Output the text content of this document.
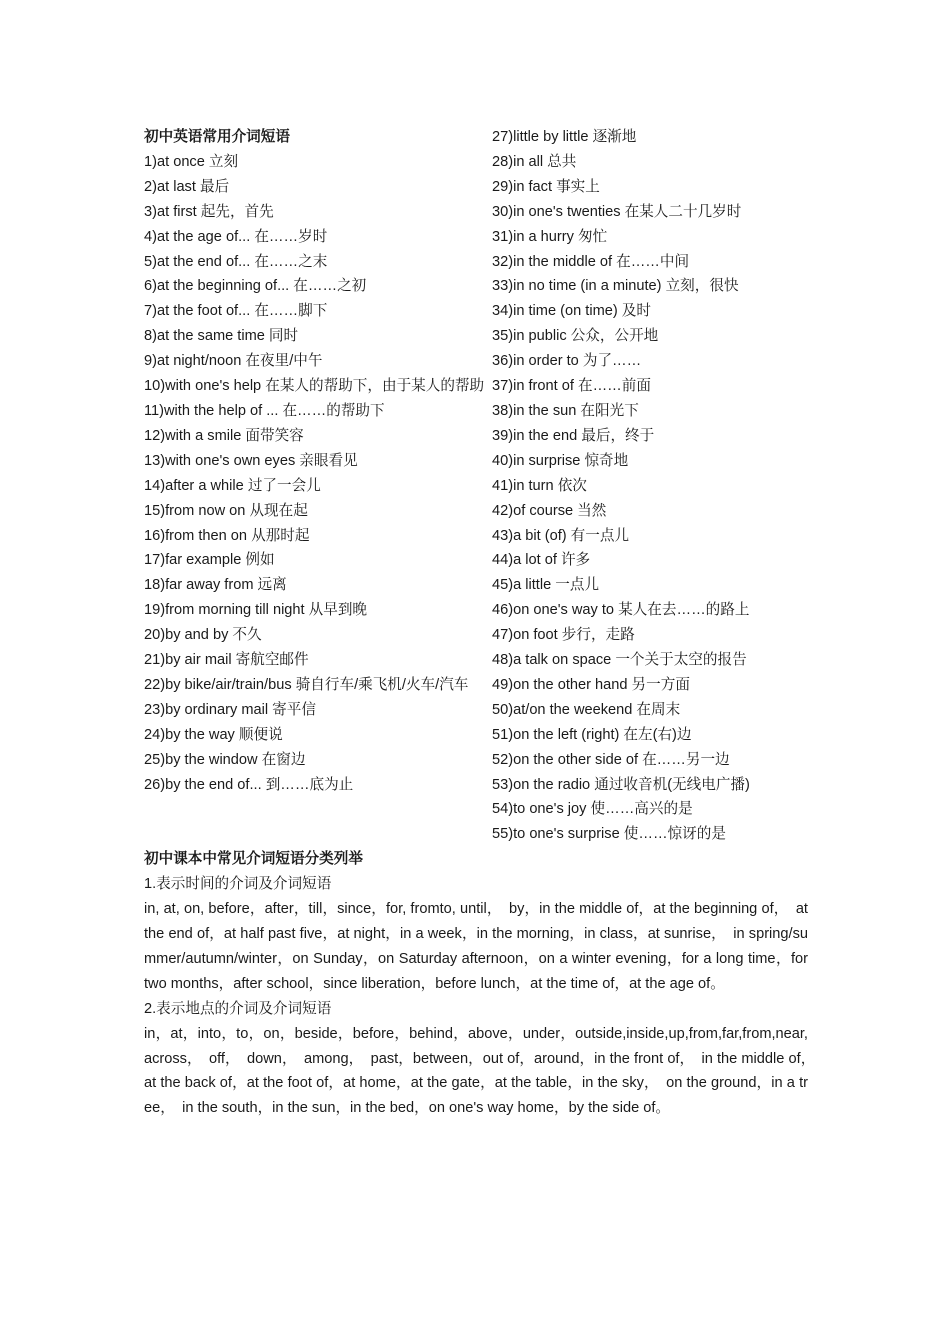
初中英语常用介词短语
1)at once 立刻
2)at last 最后
3)at first 起先，首先
4)at the age of... 在……岁时
5)at the end of... 在……之末
6)at the beginning of... 在……之初
7)at the foot of... 在……脚下
8)at the same time 同时
9)at night/noon 在夜里/中午
10)with one's help 在某人的帮助下，由于某人的帮助
11)with the help of ... 在……的帮助下
12)with a smile 面带笑容
13)with one's own eyes 亲眼看见
14)after a while 过了一会儿
15)from now on 从现在起
16)from then on 从那时起
17)far example 例如
18)far away from 远离
19)from morning till night 从早到晚
20)by and by 不久
21)by air mail 寄航空邮件
22)by bike/air/train/bus 骑自行车/乘飞机/火车/汽车
23)by ordinary mail 寄平信
24)by the way 顺便说
25)by the window 在窗边
26)by the end of... 到……底为止
27)little by little 逐渐地
28)in all 总共
29)in fact 事实上
30)in one's twenties 在某人二十几岁时
31)in a hurry 匆忙
32)in the middle of 在……中间
33)in no time (in a minute) 立刻，很快
34)in time (on time) 及时
35)in public 公众，公开地
36)in order to 为了……
37)in front of 在……前面
38)in the sun 在阳光下
39)in the end 最后，终于
40)in surprise 惊奇地
41)in turn 依次
42)of course 当然
43)a bit (of) 有一点儿
44)a lot of 许多
45)a little 一点儿
46)on one's way to 某人在去……的路上
47)on foot 步行，走路
48)a talk on space 一个关于太空的报告
49)on the other hand 另一方面
50)at/on the weekend 在周末
51)on the left (right) 在左(右)边
52)on the other side of 在……另一边
53)on the radio 通过收音机(无线电广播)
54)to one's joy 使……高兴的是
55)to one's surprise 使……惊讶的是
初中课本中常见介词短语分类列举
1.表示时间的介词及介词短语
in, at, on, before，after，till，since，for, fromto, until，　by，in the middle of，at the beginning of，　at the end of，at half past five，at night，in a week，in the morning，in class，at sunrise，　in spring/summer/autumn/winter，on Sunday，on Saturday afternoon，on a winter evening，for a long time，for two months，after school，since liberation，before lunch，at the time of，at the age of。
2.表示地点的介词及介词短语
in，at，into，to，on，beside，before，behind，above，under，outside,inside,up,from,far,from,near,across，　off，　down，　among，　past，between，out of，around，in the front of，　in the middle of，　at the back of，at the foot of，at home，at the gate，at the table，in the sky，　on the ground，in a tree，　in the south，in the sun，in the bed，on one's way home，by the side of。
